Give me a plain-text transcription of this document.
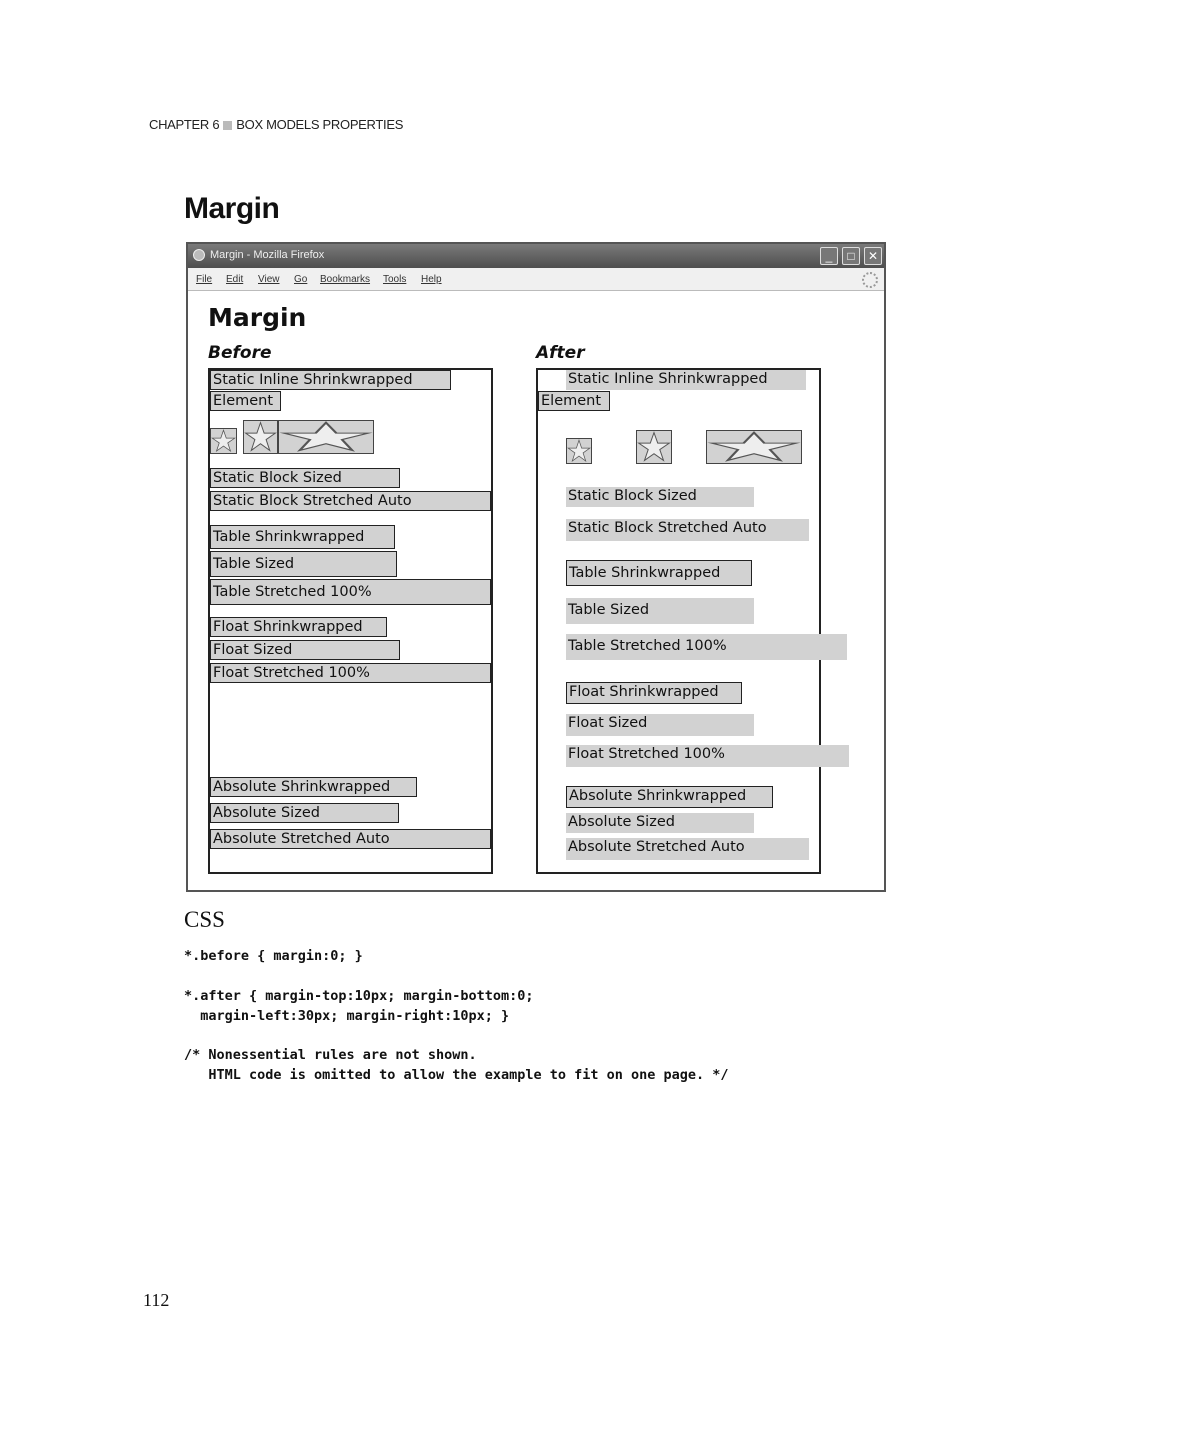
CHAPTER 6 BOX MODELS PROPERTIES
Margin
Margin - Mozilla Firefox	_	□	✕
File Edit View Go Bookmarks Tools Help
Margin
Before	After
Static Inline Shrinkwrapped
Element
Static Block Sized
Static Block Stretched Auto
Table Shrinkwrapped
Table Sized
Table Stretched 100%
Float Shrinkwrapped
Float Sized
Float Stretched 100%
Absolute Shrinkwrapped
Absolute Sized
Absolute Stretched Auto
Static Inline Shrinkwrapped
Element
Static Block Sized
Static Block Stretched Auto
Table Shrinkwrapped
Table Sized
Table Stretched 100%
Float Shrinkwrapped
Float Sized
Float Stretched 100%
Absolute Shrinkwrapped
Absolute Sized
Absolute Stretched Auto
CSS
*.before { margin:0; }
*.after { margin-top:10px; margin-bottom:0;
margin-left:30px; margin-right:10px; }
/* Nonessential rules are not shown.
HTML code is omitted to allow the example to fit on one page. */
112
